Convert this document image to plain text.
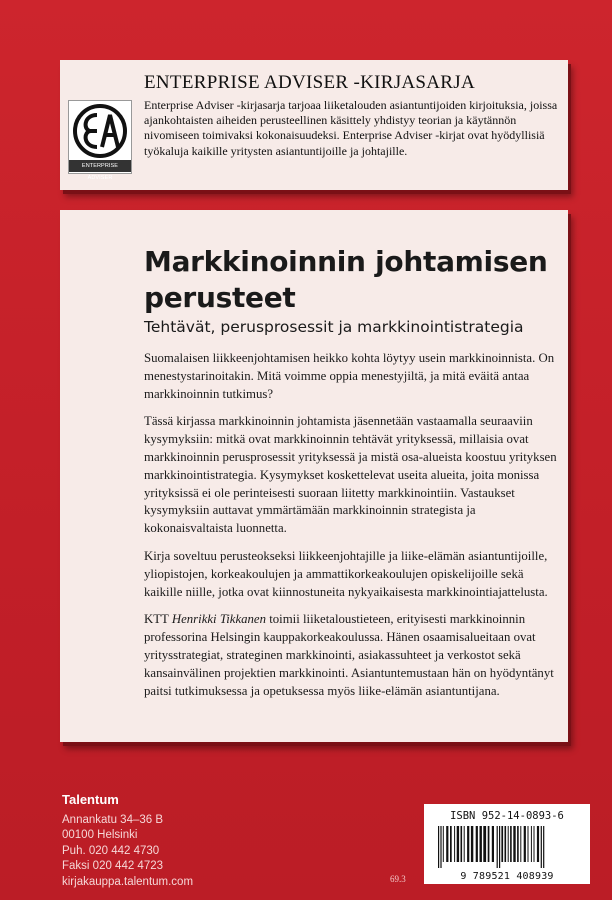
ENTERPRISE ADVISER
ENTERPRISE ADVISER -KIRJASARJA
Enterprise Adviser -kirjasarja tarjoaa liiketalouden asiantuntijoiden kirjoituksia, joissa ajankohtaisten aiheiden perusteellinen käsittely yhdistyy teorian ja käytännön nivomiseen toimivaksi kokonaisuudeksi. Enterprise Adviser -kirjat ovat hyödyllisiä työkaluja kaikille yritysten asiantuntijoille ja johtajille.
Markkinoinnin johtamisen perusteet
Tehtävät, perusprosessit ja markkinointistrategia

Suomalaisen liikkeenjohtamisen heikko kohta löytyy usein markkinoinnista. On menestystarinoitakin. Mitä voimme oppia menestyjiltä, ja mitä eväitä antaa markkinoinnin tutkimus?

Tässä kirjassa markkinoinnin johtamista jäsennetään vastaamalla seuraaviin kysymyksiin: mitkä ovat markkinoinnin tehtävät yrityksessä, millaisia ovat markkinoinnin perusprosessit yrityksessä ja mistä osa-alueista koostuu yrityksen markkinointistrategia. Kysymykset koskettelevat useita alueita, joita monissa yrityksissä ei ole perinteisesti suoraan liitetty markkinointiin. Vastaukset kysymyksiin auttavat ymmärtämään markkinoinnin strategista ja kokonaisvaltaista luonnetta.

Kirja soveltuu perusteokseksi liikkeenjohtajille ja liike-elämän asiantuntijoille, yliopistojen, korkeakoulujen ja ammattikorkeakoulujen opiskelijoille sekä kaikille niille, jotka ovat kiinnostuneita nykyaikaisesta markkinointiajattelusta.

KTT Henrikki Tikkanen toimii liiketaloustieteen, erityisesti markkinoinnin professorina Helsingin kauppakorkeakoulussa. Hänen osaamisalueitaan ovat yritysstrategiat, strateginen markkinointi, asiakassuhteet ja verkostot sekä kansainvälinen projektien markkinointi. Asiantuntemustaan hän on hyödyntänyt paitsi tutkimuksessa ja opetuksessa myös liike-elämän asiantuntijana.

Talentum
Annankatu 34–36 B
00100 Helsinki
Puh. 020 442 4730
Faksi 020 442 4723
kirjakauppa.talentum.com	69.3
ISBN 952-14-0893-6
9 789521 408939
